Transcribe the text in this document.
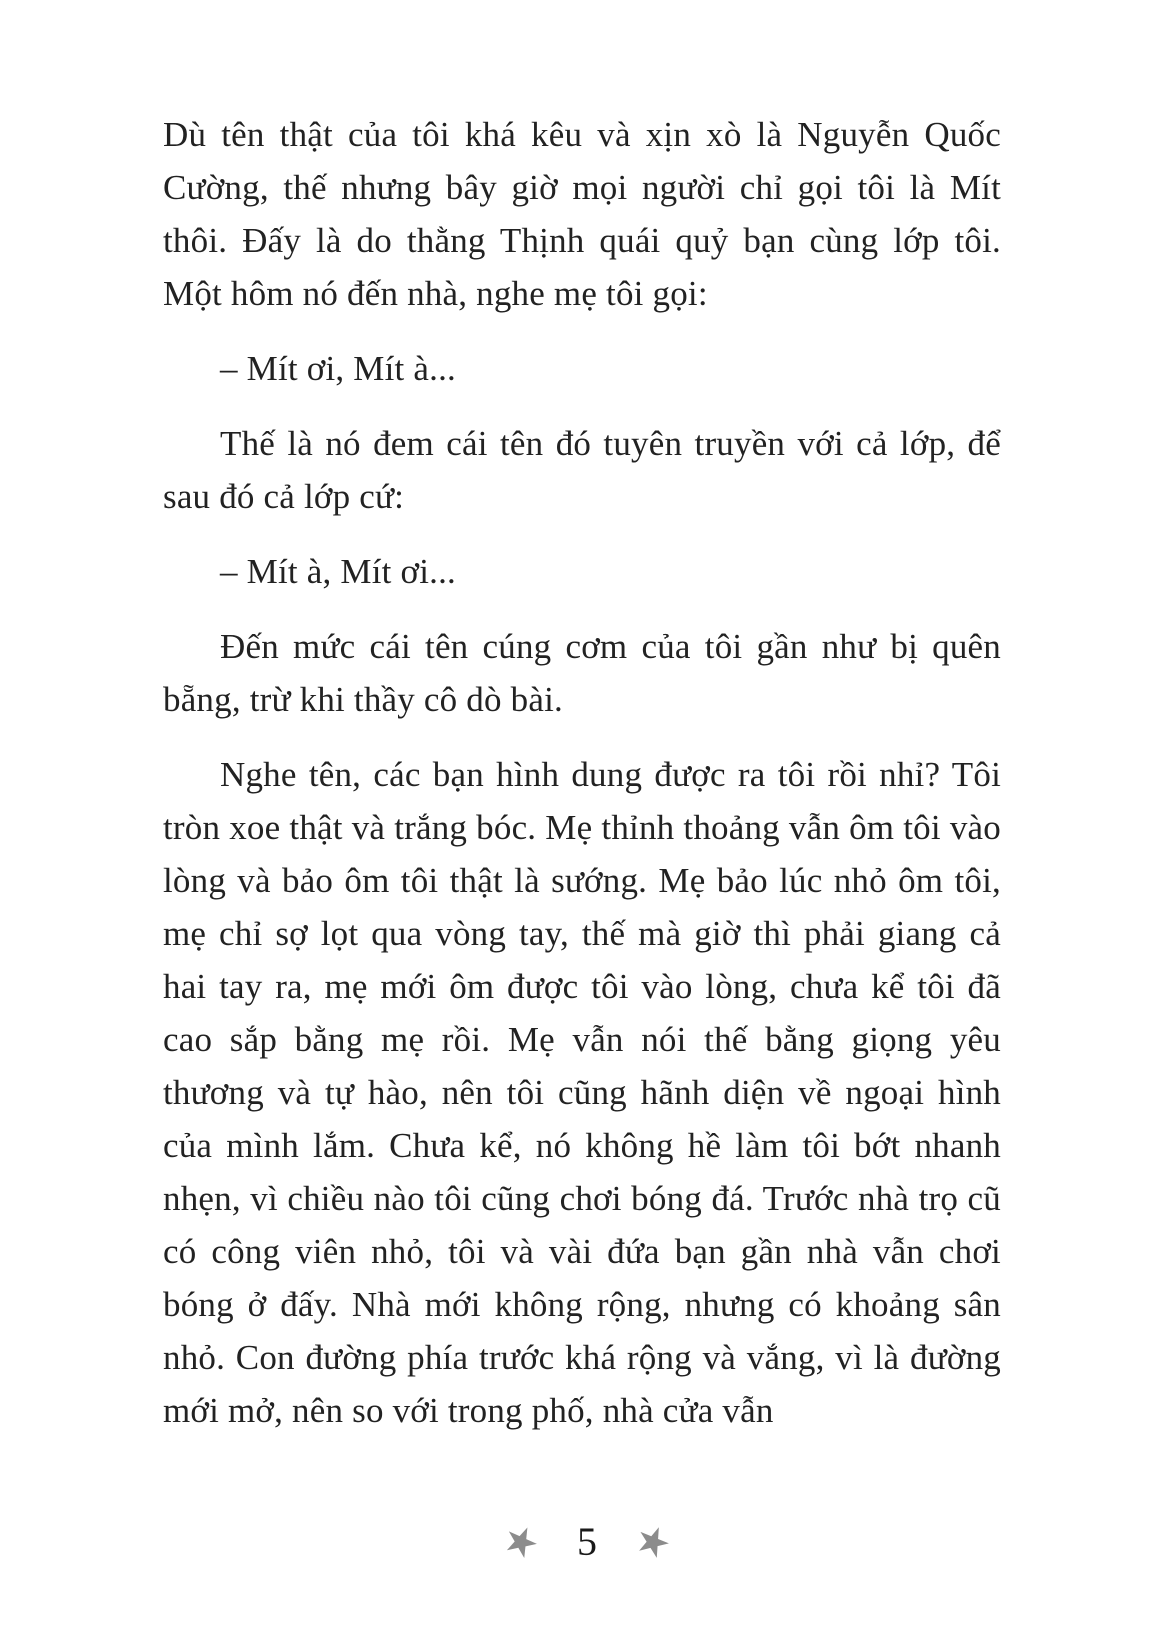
Dù tên thật của tôi khá kêu và xịn xò là Nguyễn Quốc Cường, thế nhưng bây giờ mọi người chỉ gọi tôi là Mít thôi. Đấy là do thằng Thịnh quái quỷ bạn cùng lớp tôi. Một hôm nó đến nhà, nghe mẹ tôi gọi:

– Mít ơi, Mít à...

Thế là nó đem cái tên đó tuyên truyền với cả lớp, để sau đó cả lớp cứ:

– Mít à, Mít ơi...

Đến mức cái tên cúng cơm của tôi gần như bị quên bẵng, trừ khi thầy cô dò bài.

Nghe tên, các bạn hình dung được ra tôi rồi nhỉ? Tôi tròn xoe thật và trắng bóc. Mẹ thỉnh thoảng vẫn ôm tôi vào lòng và bảo ôm tôi thật là sướng. Mẹ bảo lúc nhỏ ôm tôi, mẹ chỉ sợ lọt qua vòng tay, thế mà giờ thì phải giang cả hai tay ra, mẹ mới ôm được tôi vào lòng, chưa kể tôi đã cao sắp bằng mẹ rồi. Mẹ vẫn nói thế bằng giọng yêu thương và tự hào, nên tôi cũng hãnh diện về ngoại hình của mình lắm. Chưa kể, nó không hề làm tôi bớt nhanh nhẹn, vì chiều nào tôi cũng chơi bóng đá. Trước nhà trọ cũ có công viên nhỏ, tôi và vài đứa bạn gần nhà vẫn chơi bóng ở đấy. Nhà mới không rộng, nhưng có khoảng sân nhỏ. Con đường phía trước khá rộng và vắng, vì là đường mới mở, nên so với trong phố, nhà cửa vẫn

★ 5 ★
